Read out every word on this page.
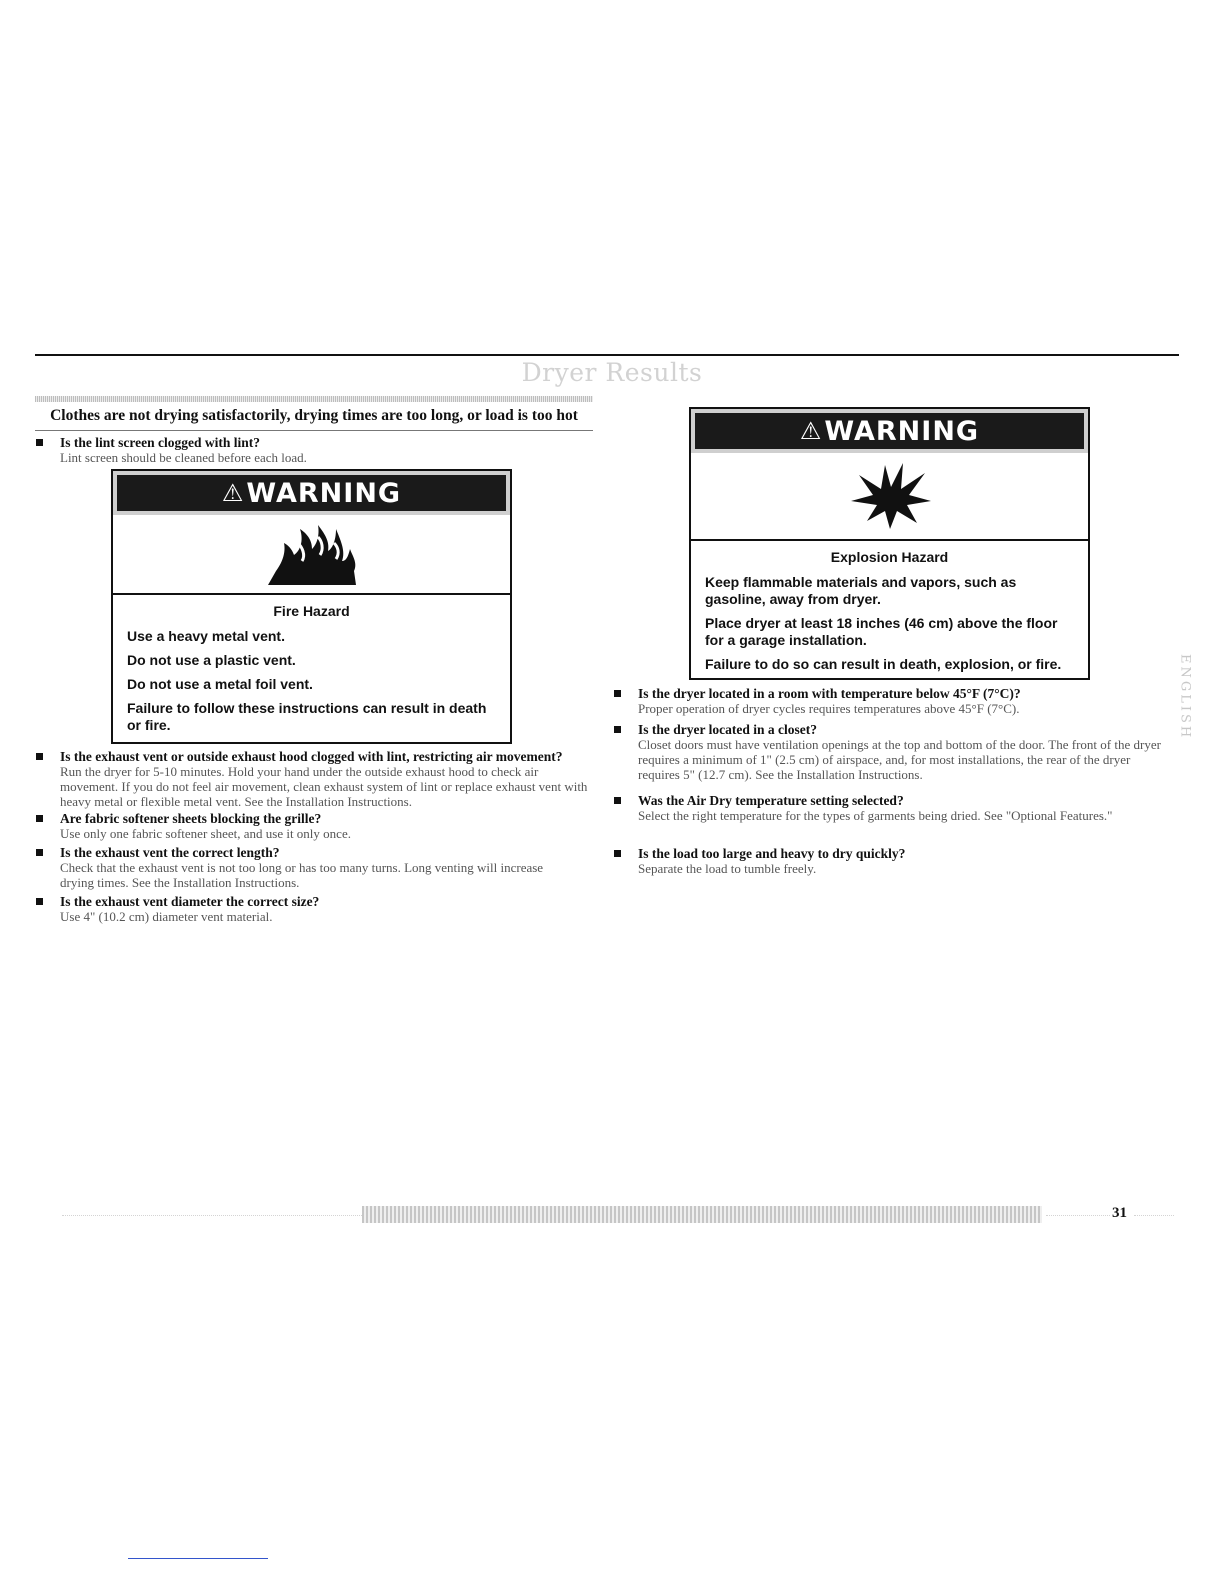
Dryer Results
Clothes are not drying satisfactorily, drying times are too long, or load is too hot
Is the lint screen clogged with lint?
Lint screen should be cleaned before each load.
⚠ WARNING
Fire Hazard
Use a heavy metal vent.
Do not use a plastic vent.
Do not use a metal foil vent.
Failure to follow these instructions can result in death or fire.
Is the exhaust vent or outside exhaust hood clogged with lint, restricting air movement?
Run the dryer for 5-10 minutes. Hold your hand under the outside exhaust hood to check air movement. If you do not feel air movement, clean exhaust system of lint or replace exhaust vent with heavy metal or flexible metal vent. See the Installation Instructions.
Are fabric softener sheets blocking the grille?
Use only one fabric softener sheet, and use it only once.
Is the exhaust vent the correct length?
Check that the exhaust vent is not too long or has too many turns. Long venting will increase drying times. See the Installation Instructions.
Is the exhaust vent diameter the correct size?
Use 4" (10.2 cm) diameter vent material.
⚠ WARNING
Explosion Hazard
Keep flammable materials and vapors, such as gasoline, away from dryer.
Place dryer at least 18 inches (46 cm) above the floor for a garage installation.
Failure to do so can result in death, explosion, or fire.
Is the dryer located in a room with temperature below 45°F (7°C)?
Proper operation of dryer cycles requires temperatures above 45°F (7°C).
Is the dryer located in a closet?
Closet doors must have ventilation openings at the top and bottom of the door. The front of the dryer requires a minimum of 1" (2.5 cm) of airspace, and, for most installations, the rear of the dryer requires 5" (12.7 cm). See the Installation Instructions.
Was the Air Dry temperature setting selected?
Select the right temperature for the types of garments being dried. See "Optional Features."
Is the load too large and heavy to dry quickly?
Separate the load to tumble freely.
ENGLISH
31
